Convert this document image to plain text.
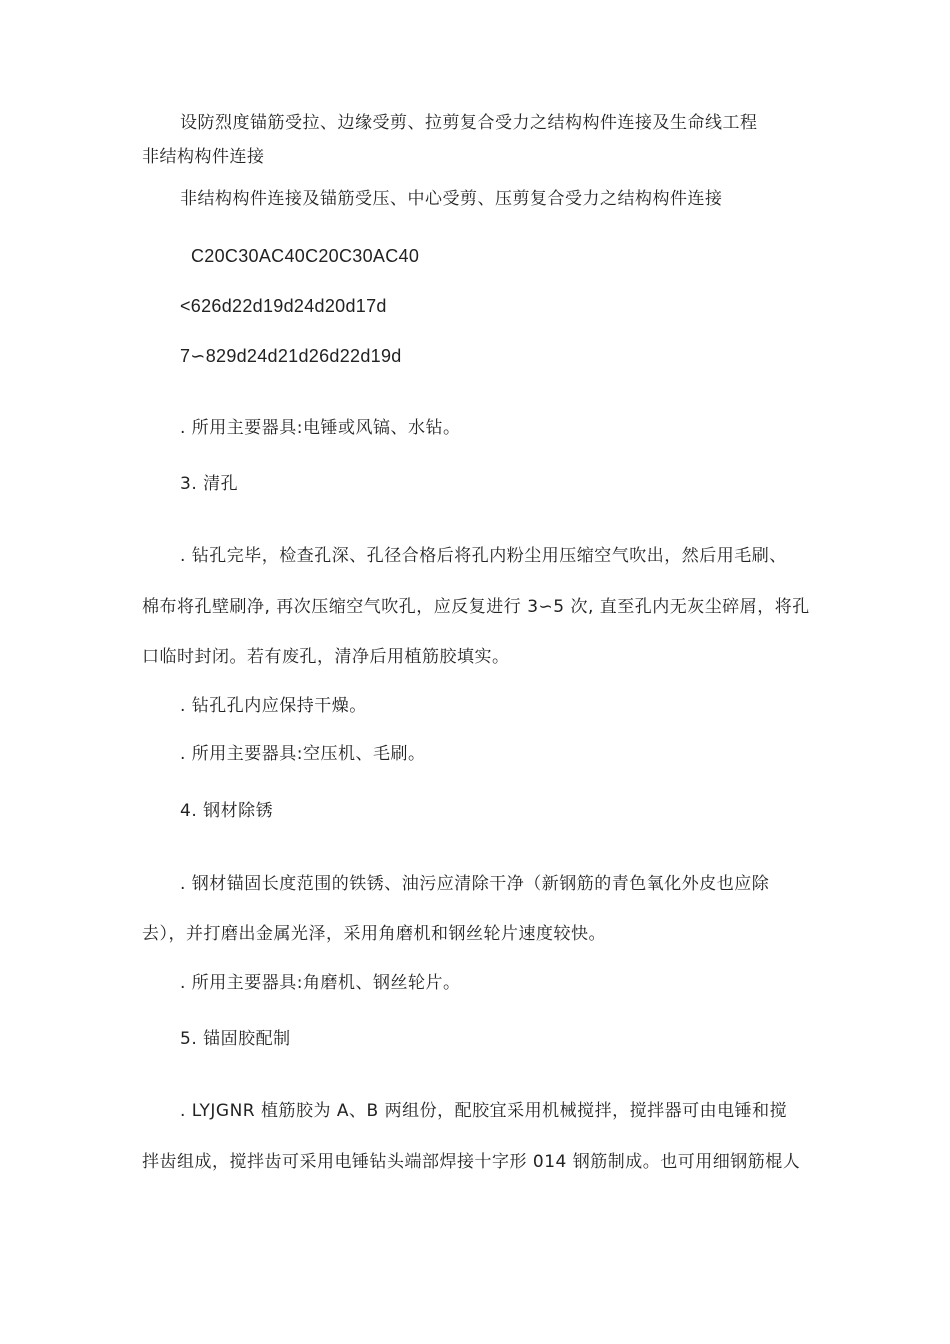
设防烈度锚筋受拉、边缘受剪、拉剪复合受力之结构构件连接及生命线工程
非结构构件连接
非结构构件连接及锚筋受压、中心受剪、压剪复合受力之结构构件连接
C20C30AC40C20C30AC40
<626d22d19d24d20d17d
7∽829d24d21d26d22d19d
. 所用主要器具:电锤或风镐、水钻。
3. 清孔
. 钻孔完毕，检查孔深、孔径合格后将孔内粉尘用压缩空气吹出，然后用毛刷、
棉布将孔壁刷净, 再次压缩空气吹孔，应反复进行 3∽5 次, 直至孔内无灰尘碎屑，将孔
口临时封闭。若有废孔，清净后用植筋胶填实。
. 钻孔孔内应保持干燥。
. 所用主要器具:空压机、毛刷。
4. 钢材除锈
. 钢材锚固长度范围的铁锈、油污应清除干净（新钢筋的青色氧化外皮也应除
去），并打磨出金属光泽，采用角磨机和钢丝轮片速度较快。
. 所用主要器具:角磨机、钢丝轮片。
5. 锚固胶配制
. LYJGNR 植筋胶为 A、B 两组份，配胶宜采用机械搅拌，搅拌器可由电锤和搅
拌齿组成，搅拌齿可采用电锤钻头端部焊接十字形 014 钢筋制成。也可用细钢筋棍人
